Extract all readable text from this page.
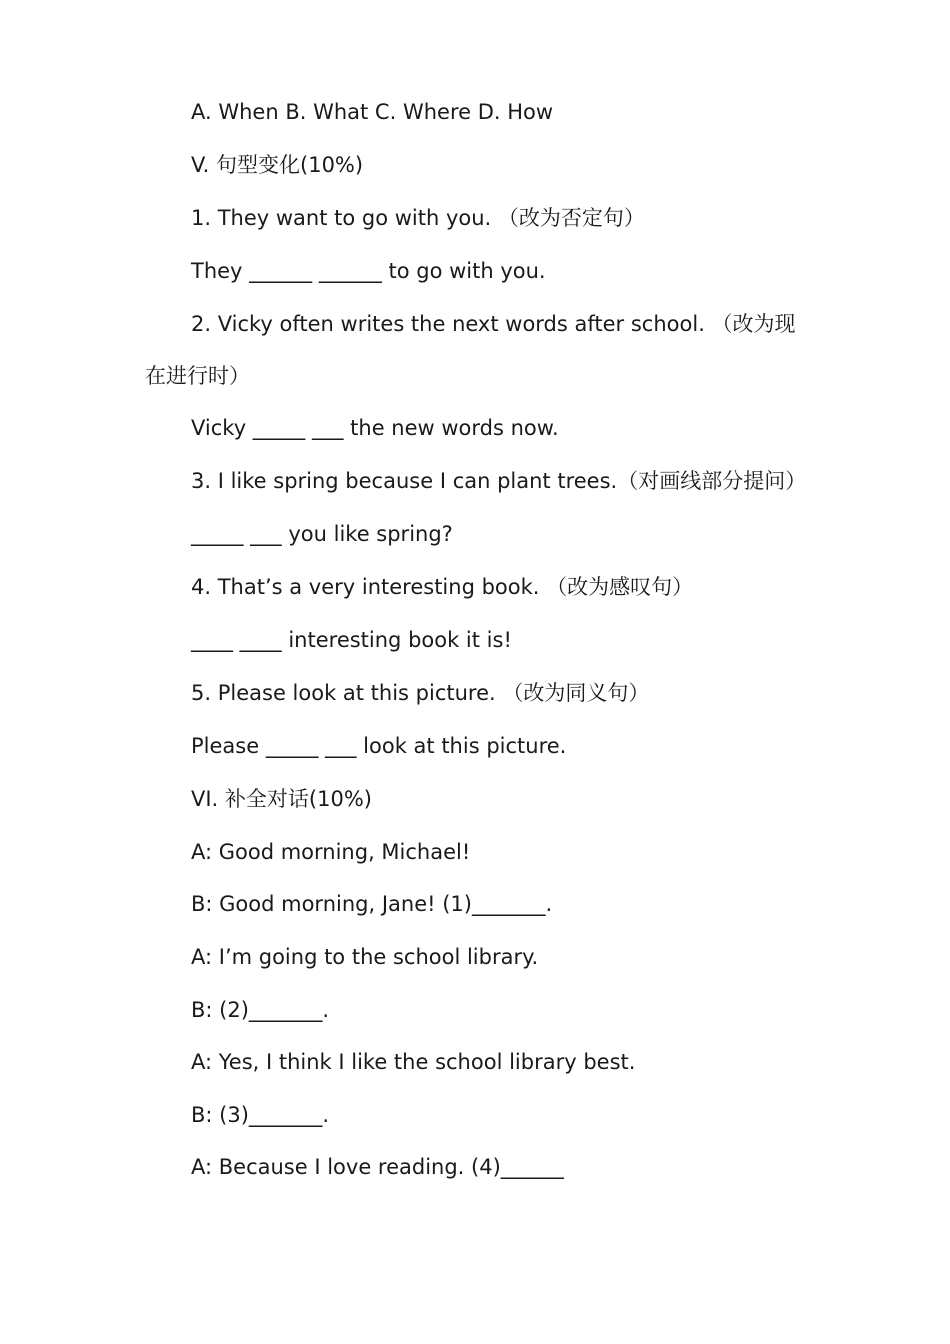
A. When B. What C. Where D. How
V. 句型变化(10%)
1. They want to go with you. （改为否定句）
They ______ ______ to go with you.
2. Vicky often writes the next words after school. （改为现
在进行时）
Vicky _____ ___ the new words now.
3. I like spring because I can plant trees.（对画线部分提问）
_____ ___ you like spring?
4. That’s a very interesting book. （改为感叹句）
____ ____ interesting book it is!
5. Please look at this picture. （改为同义句）
Please _____ ___ look at this picture.
VI. 补全对话(10%)
A: Good morning, Michael!
B: Good morning, Jane! (1)_______.
A: I’m going to the school library.
B: (2)_______.
A: Yes, I think I like the school library best.
B: (3)_______.
A: Because I love reading. (4)______
